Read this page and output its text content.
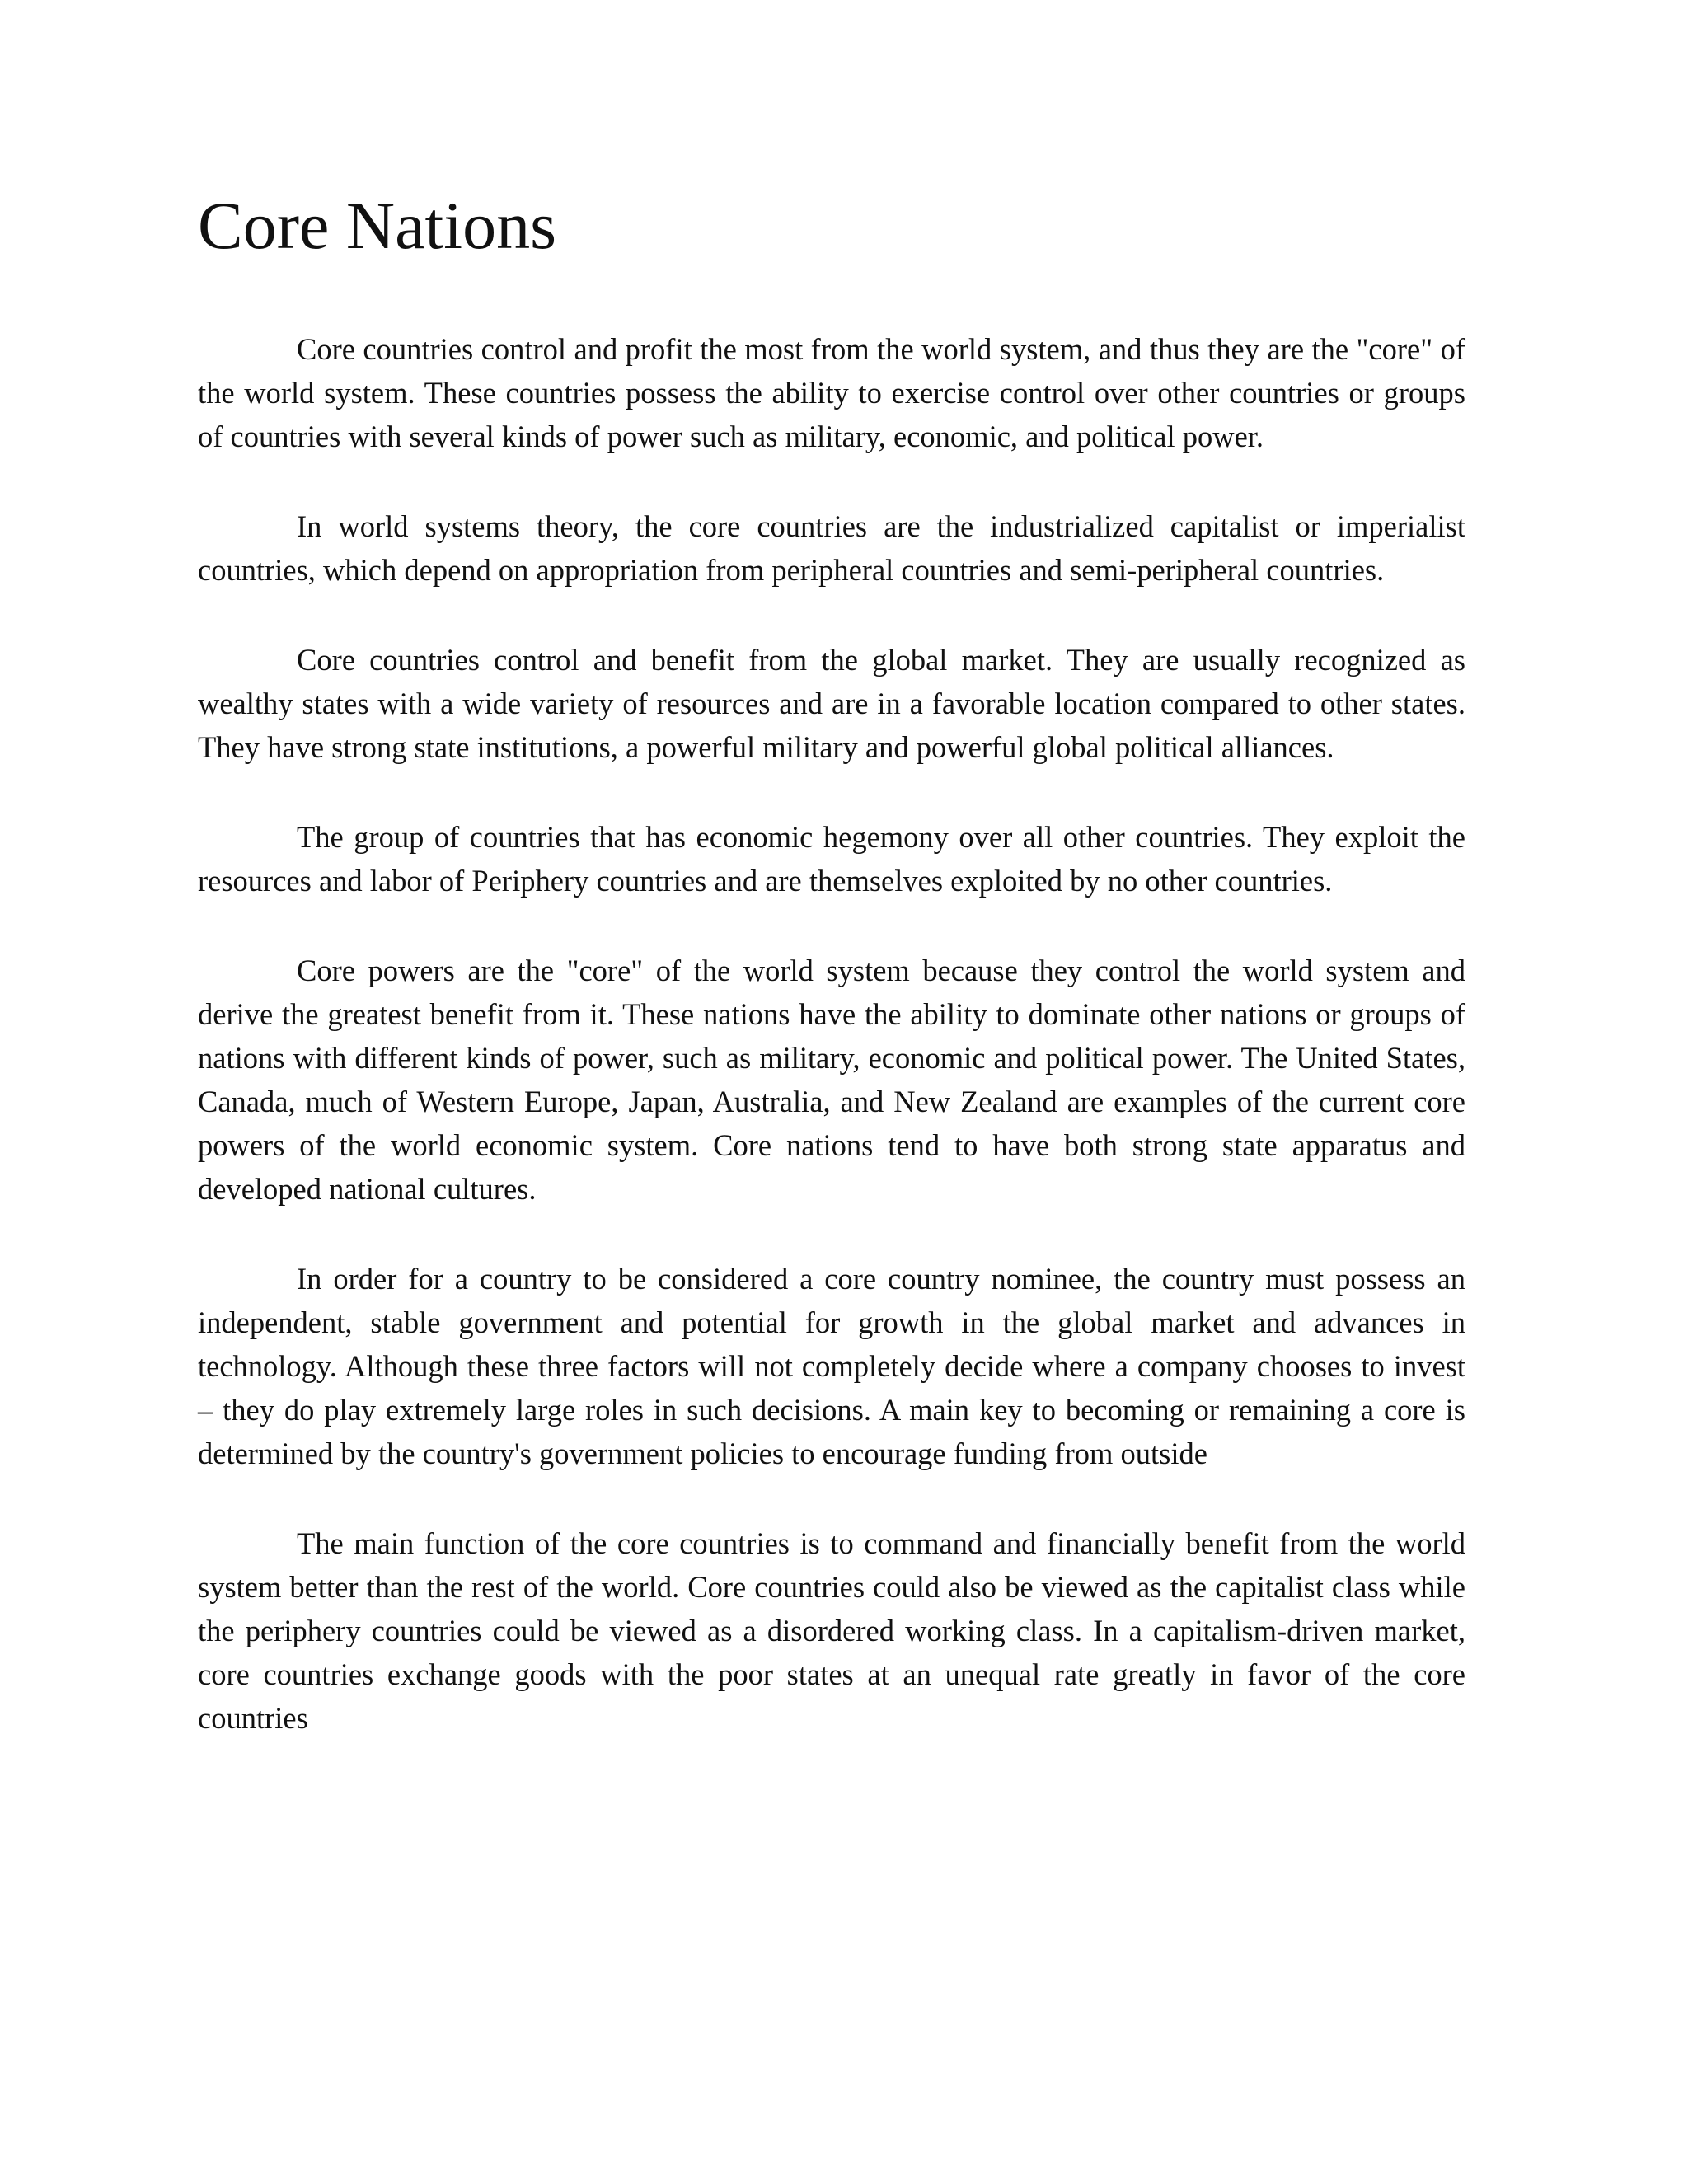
Core Nations

Core countries control and profit the most from the world system, and thus they are the "core" of the world system. These countries possess the ability to exercise control over other countries or groups of countries with several kinds of power such as military, economic, and political power.

In world systems theory, the core countries are the industrialized capitalist or imperialist countries, which depend on appropriation from peripheral countries and semi-peripheral countries.

Core countries control and benefit from the global market. They are usually recognized as wealthy states with a wide variety of resources and are in a favorable location compared to other states. They have strong state institutions, a powerful military and powerful global political alliances.

The group of countries that has economic hegemony over all other countries. They exploit the resources and labor of Periphery countries and are themselves exploited by no other countries.

Core powers are the "core" of the world system because they control the world system and derive the greatest benefit from it. These nations have the ability to dominate other nations or groups of nations with different kinds of power, such as military, economic and political power. The United States, Canada, much of Western Europe, Japan, Australia, and New Zealand are examples of the current core powers of the world economic system. Core nations tend to have both strong state apparatus and developed national cultures.

In order for a country to be considered a core country nominee, the country must possess an independent, stable government and potential for growth in the global market and advances in technology. Although these three factors will not completely decide where a company chooses to invest – they do play extremely large roles in such decisions. A main key to becoming or remaining a core is determined by the country's government policies to encourage funding from outside

The main function of the core countries is to command and financially benefit from the world system better than the rest of the world. Core countries could also be viewed as the capitalist class while the periphery countries could be viewed as a disordered working class. In a capitalism-driven market, core countries exchange goods with the poor states at an unequal rate greatly in favor of the core countries
